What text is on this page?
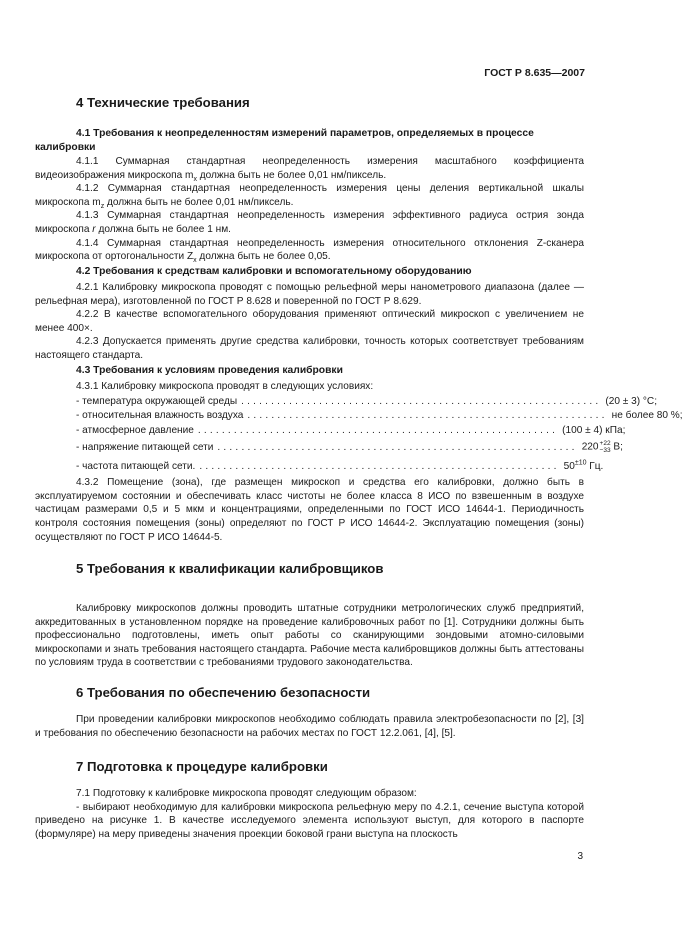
ГОСТ Р 8.635—2007
4 Технические требования
4.1 Требования к неопределенностям измерений параметров, определяемых в процессе калибровки

4.1.1 Суммарная стандартная неопределенность измерения масштабного коэффициента видеоизображения микроскопа $m_x$ должна быть не более 0,01 нм/пиксель.

4.1.2 Суммарная стандартная неопределенность измерения цены деления вертикальной шкалы микроскопа $m_z$ должна быть не более 0,01 нм/пиксель.

4.1.3 Суммарная стандартная неопределенность измерения эффективного радиуса острия зонда микроскопа r должна быть не более 1 нм.

4.1.4 Суммарная стандартная неопределенность измерения относительного отклонения Z-сканера микроскопа от ортогональности $Z_x$ должна быть не более 0,05.

4.2 Требования к средствам калибровки и вспомогательному оборудованию

4.2.1 Калибровку микроскопа проводят с помощью рельефной меры нанометрового диапазона (далее — рельефная мера), изготовленной по ГОСТ Р 8.628 и поверенной по ГОСТ Р 8.629.

4.2.2 В качестве вспомогательного оборудования применяют оптический микроскоп с увеличением не менее 400×.

4.2.3 Допускается применять другие средства калибровки, точность которых соответствует требованиям настоящего стандарта.

4.3 Требования к условиям проведения калибровки

4.3.1 Калибровку микроскопа проводят в следующих условиях:

- температура окружающей среды ............................................................ (20 ± 3) °C;
- относительная влажность воздуха ............................................................ не более 80 %;
- атмосферное давление ............................................................ (100 ± 4) кПа;
- напряжение питающей сети ............................................................ 220 +22
−33 В;
- частота питающей сети. ............................................................ $50^{\pm 10}$ Гц.

4.3.2 Помещение (зона), где размещен микроскоп и средства его калибровки, должно быть в эксплуатируемом состоянии и обеспечивать класс чистоты не более класса 8 ИСО по взвешенным в воздухе частицам размерами 0,5 и 5 мкм и концентрациями, определенными по ГОСТ ИСО 14644-1. Периодичность контроля состояния помещения (зоны) определяют по ГОСТ Р ИСО 14644-2. Эксплуатацию помещения (зоны) осуществляют по ГОСТ Р ИСО 14644-5.

5 Требования к квалификации калибровщиков

Калибровку микроскопов должны проводить штатные сотрудники метрологических служб предприятий, аккредитованных в установленном порядке на проведение калибровочных работ по [1]. Сотрудники должны быть профессионально подготовлены, иметь опыт работы со сканирующими зондовыми атомно-силовыми микроскопами и знать требования настоящего стандарта. Рабочие места калибровщиков должны быть аттестованы по условиям труда в соответствии с требованиями трудового законодательства.

6 Требования по обеспечению безопасности

При проведении калибровки микроскопов необходимо соблюдать правила электробезопасности по [2], [3] и требования по обеспечению безопасности на рабочих местах по ГОСТ 12.2.061, [4], [5].

7 Подготовка к процедуре калибровки

7.1 Подготовку к калибровке микроскопа проводят следующим образом:

- выбирают необходимую для калибровки микроскопа рельефную меру по 4.2.1, сечение выступа которой приведено на рисунке 1. В качестве исследуемого элемента используют выступ, для которого в паспорте (формуляре) на меру приведены значения проекции боковой грани выступа на плоскость

3
